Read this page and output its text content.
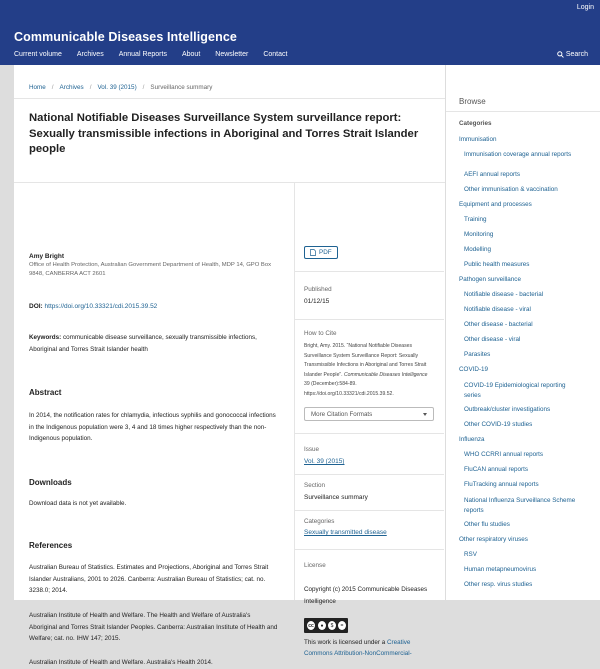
Login
Communicable Diseases Intelligence
Current volume Archives Annual Reports About Newsletter Contact	Search
Home / Archives / Vol. 39 (2015) / Surveillance summary
National Notifiable Diseases Surveillance System surveillance report: Sexually transmissible infections in Aboriginal and Torres Strait Islander people
Amy Bright
Office of Health Protection, Australian Government Department of Health, MDP 14, GPO Box 9848, CANBERRA ACT 2601
DOI: https://doi.org/10.33321/cdi.2015.39.52
Keywords: communicable disease surveillance, sexually transmissible infections, Aboriginal and Torres Strait Islander health
Abstract
In 2014, the notification rates for chlamydia, infectious syphilis and gonococcal infections in the Indigenous population were 3, 4 and 18 times higher respectively than the non-Indigenous population.
Downloads
Download data is not yet available.
References
Australian Bureau of Statistics. Estimates and Projections, Aboriginal and Torres Strait Islander Australians, 2001 to 2026. Canberra: Australian Bureau of Statistics; cat. no. 3238.0; 2014.
Australian Institute of Health and Welfare. The Health and Welfare of Australia's Aboriginal and Torres Strait Islander Peoples. Canberra: Australian Institute of Health and Welfare; cat. no. IHW 147; 2015.
Australian Institute of Health and Welfare. Australia's Health 2014.
PDF
Published
01/12/15
How to Cite
Bright, Amy. 2015. “National Notifiable Diseases Surveillance System Surveillance Report: Sexually Transmissible Infections in Aboriginal and Torres Strait Islander People”. Communicable Diseases Intelligence 39 (December):584-89. https://doi.org/10.33321/cdi.2015.39.52.
More Citation Formats
Issue
Vol. 39 (2015)
Section
Surveillance summary
Categories
Sexually transmitted disease
License
Copyright (c) 2015 Communicable Diseases Intelligence
cc	●	$	=
This work is licensed under a Creative Commons Attribution-NonCommercial-
Browse
Categories
Immunisation
Immunisation coverage annual reports
AEFI annual reports
Other immunisation & vaccination
Equipment and processes
Training
Monitoring
Modelling
Public health measures
Pathogen surveillance
Notifiable disease - bacterial
Notifiable disease - viral
Other disease - bacterial
Other disease - viral
Parasites
COVID-19
COVID-19 Epidemiological reporting series
Outbreak/cluster investigations
Other COVID-19 studies
Influenza
WHO CCRRI annual reports
FluCAN annual reports
FluTracking annual reports
National Influenza Surveillance Scheme reports
Other flu studies
Other respiratory viruses
RSV
Human metapneumovirus
Other resp. virus studies
